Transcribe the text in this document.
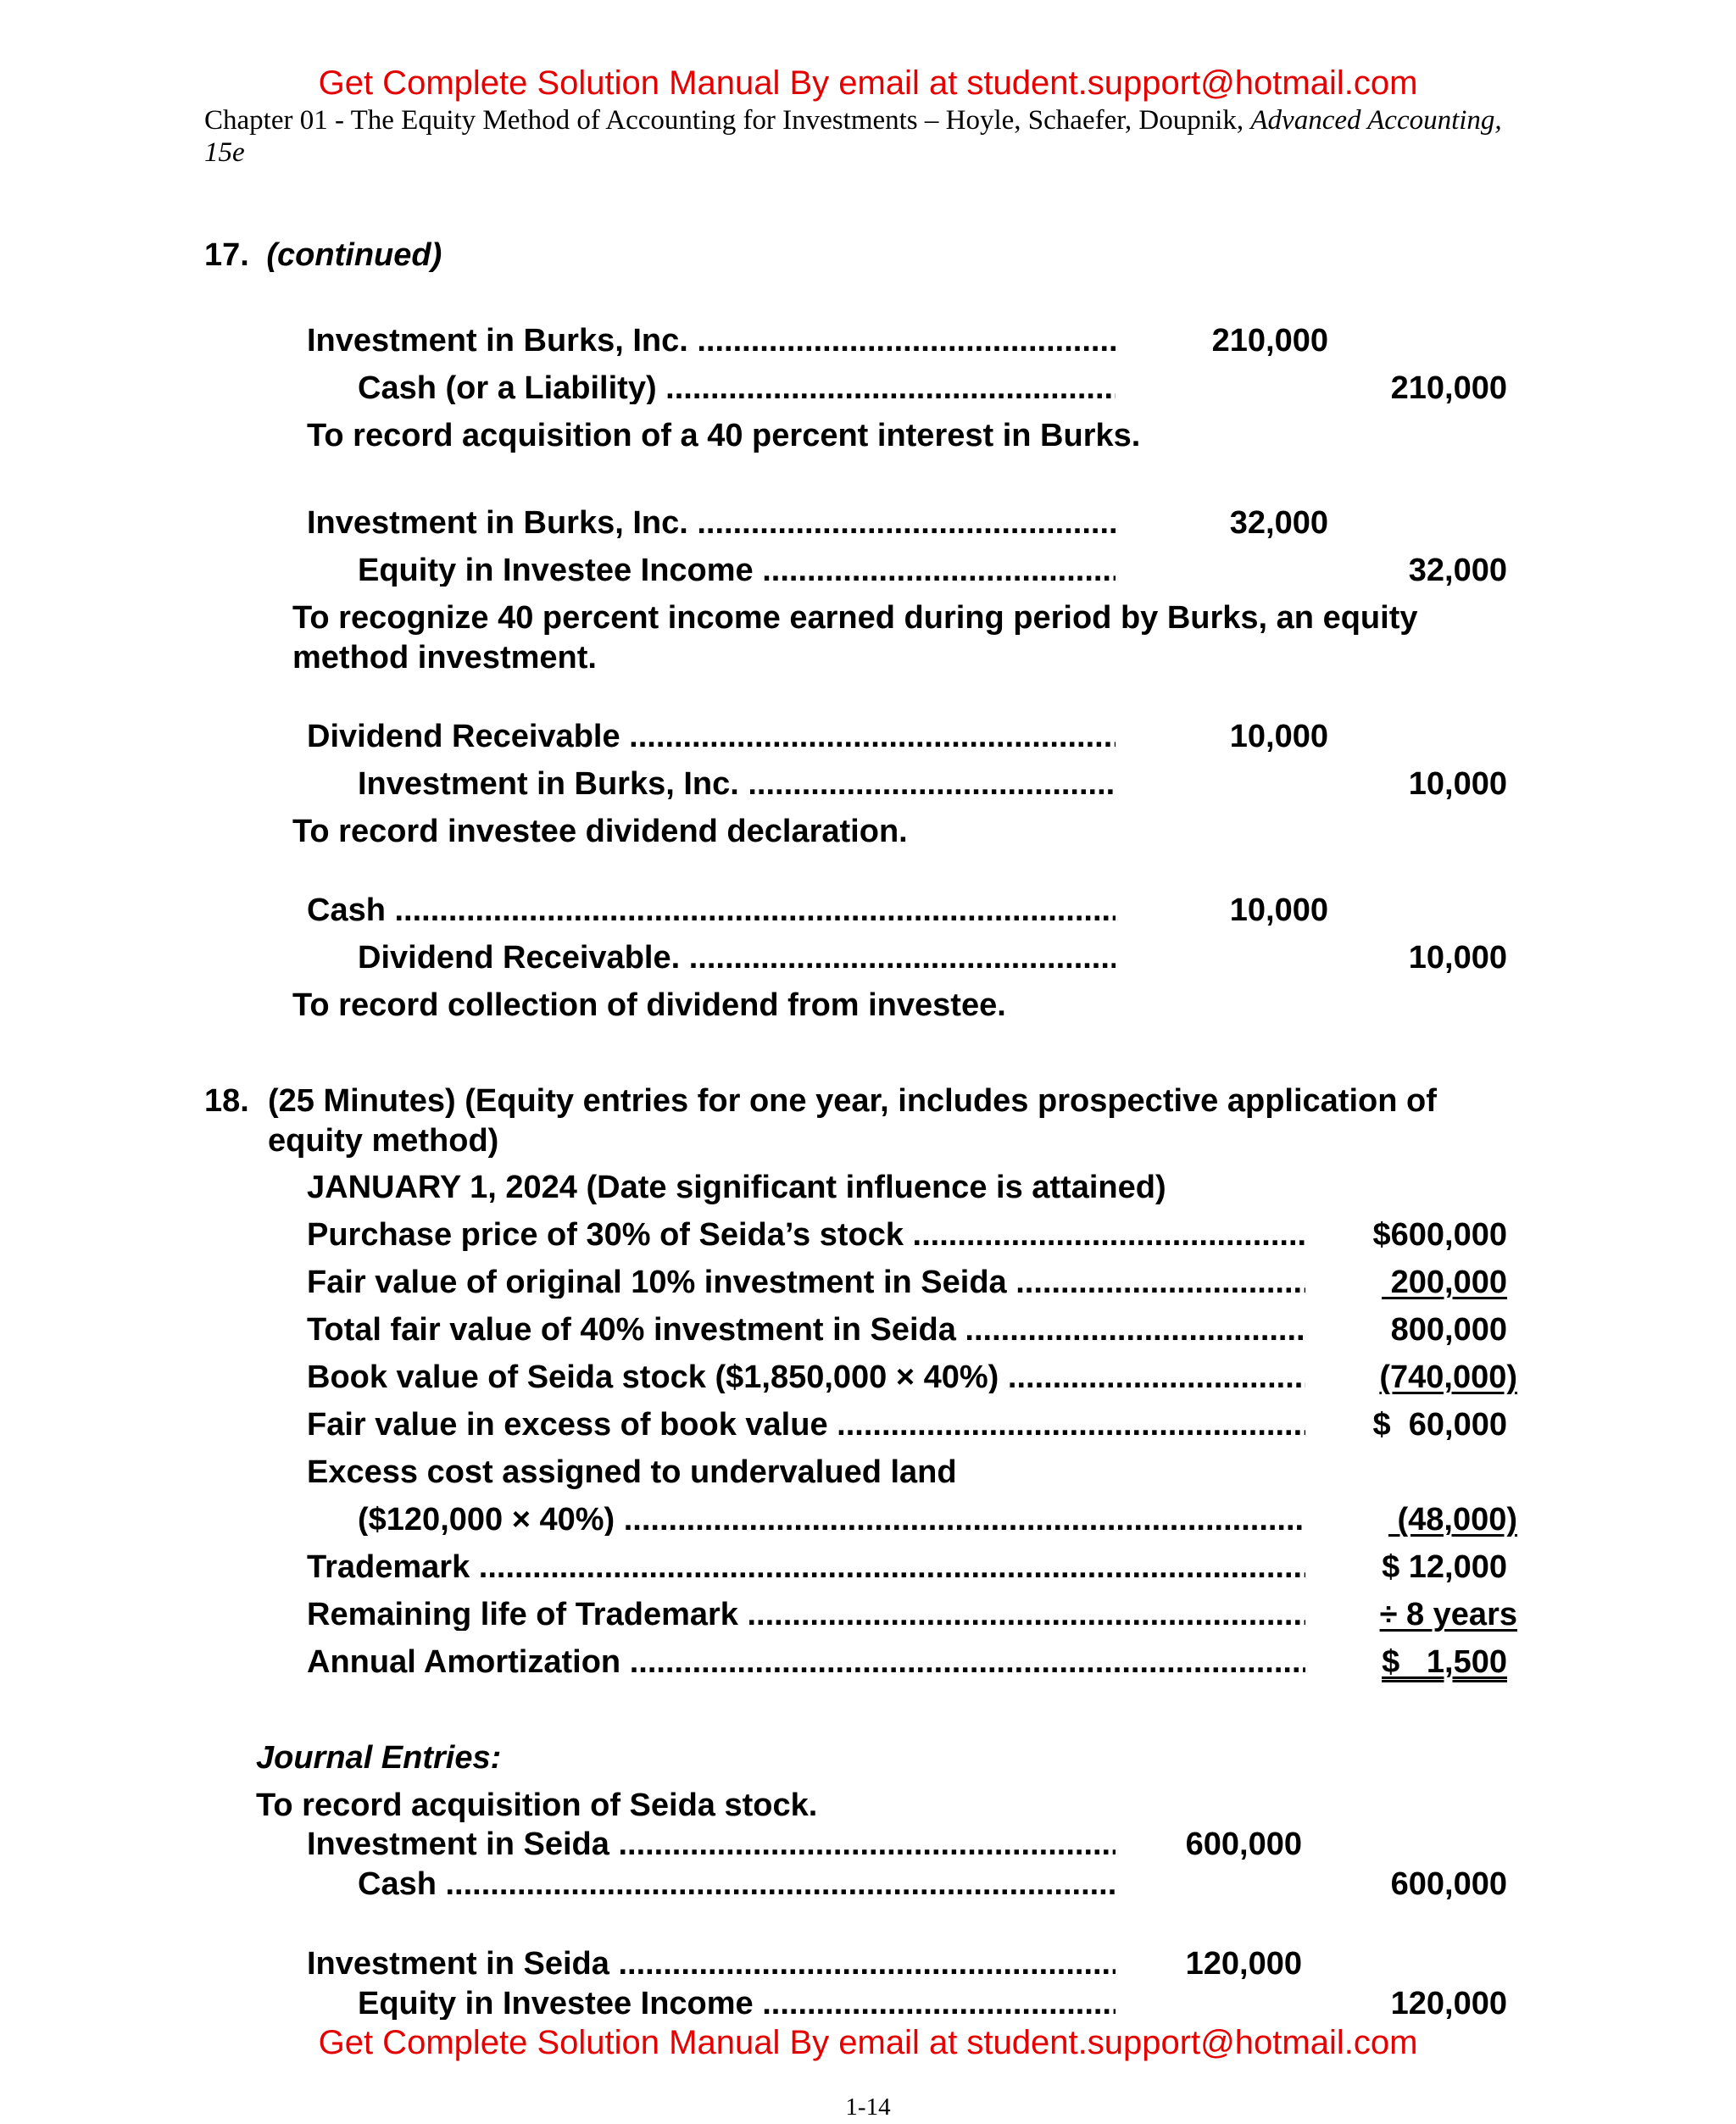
Get Complete Solution Manual By email at student.support@hotmail.com
Chapter 01 - The Equity Method of Accounting for Investments – Hoyle, Schaefer, Doupnik, Advanced Accounting,
15e
17. (continued)
Investment in Burks, Inc. .....	210,000
Cash (or a Liability) .....	210,000
To record acquisition of a 40 percent interest in Burks.
Investment in Burks, Inc. .....	32,000
Equity in Investee Income .....	32,000
To recognize 40 percent income earned during period by Burks, an equity
method investment.
Dividend Receivable .....	10,000
Investment in Burks, Inc. .....	10,000
To record investee dividend declaration.
Cash .....	10,000
Dividend Receivable. .....	10,000
To record collection of dividend from investee.
18. (25 Minutes) (Equity entries for one year, includes prospective application of
equity method)
JANUARY 1, 2024 (Date significant influence is attained)
Purchase price of 30% of Seida’s stock .....	$600,000
Fair value of original 10% investment in Seida .....	200,000
Total fair value of 40% investment in Seida .....	800,000
Book value of Seida stock ($1,850,000 × 40%) .....	(740,000)
Fair value in excess of book value .....	$  60,000
Excess cost assigned to undervalued land
($120,000 × 40%) .....	(48,000)
Trademark .....	$ 12,000
Remaining life of Trademark .....	÷ 8 years
Annual Amortization .....	$   1,500
Journal Entries:
To record acquisition of Seida stock.
Investment in Seida .....	600,000
Cash .....	600,000
Investment in Seida .....	120,000
Equity in Investee Income .....	120,000
Get Complete Solution Manual By email at student.support@hotmail.com
1-14
